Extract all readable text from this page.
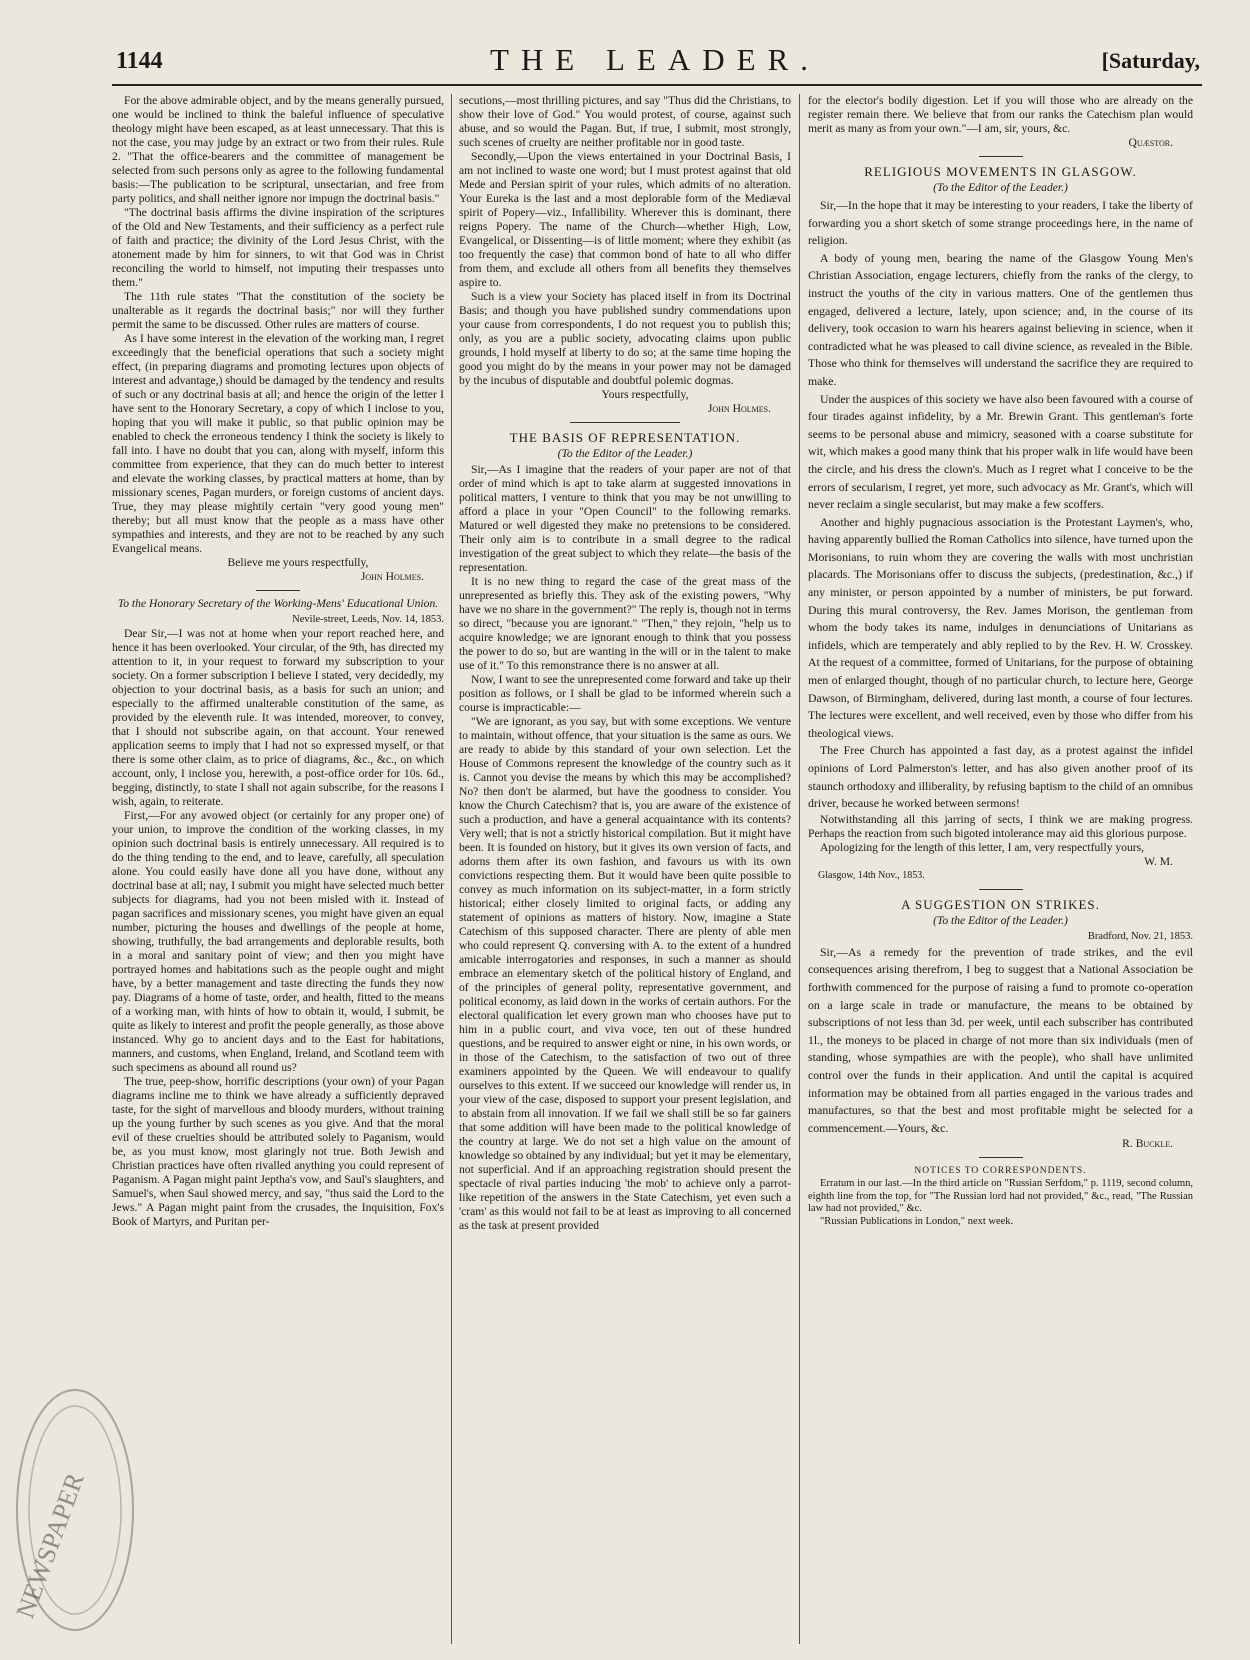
1144	THE LEADER.	[Saturday,

For the above admirable object, and by the means generally pursued, one would be inclined to think the baleful influence of speculative theology might have been escaped, as at least unnecessary. That this is not the case, you may judge by an extract or two from their rules. Rule 2. "That the office-bearers and the committee of management be selected from such persons only as agree to the following fundamental basis:—The publication to be scriptural, unsectarian, and free from party politics, and shall neither ignore nor impugn the doctrinal basis."

"The doctrinal basis affirms the divine inspiration of the scriptures of the Old and New Testaments, and their sufficiency as a perfect rule of faith and practice; the divinity of the Lord Jesus Christ, with the atonement made by him for sinners, to wit that God was in Christ reconciling the world to himself, not imputing their trespasses unto them."

The 11th rule states "That the constitution of the society be unalterable as it regards the doctrinal basis;" nor will they further permit the same to be discussed. Other rules are matters of course.

As I have some interest in the elevation of the working man, I regret exceedingly that the beneficial operations that such a society might effect, (in preparing diagrams and promoting lectures upon objects of interest and advantage,) should be damaged by the tendency and results of such or any doctrinal basis at all; and hence the origin of the letter I have sent to the Honorary Secretary, a copy of which I inclose to you, hoping that you will make it public, so that public opinion may be enabled to check the erroneous tendency I think the society is likely to fall into. I have no doubt that you can, along with myself, inform this committee from experience, that they can do much better to interest and elevate the working classes, by practical matters at home, than by missionary scenes, Pagan murders, or foreign customs of ancient days. True, they may please mightily certain "very good young men" thereby; but all must know that the people as a mass have other sympathies and interests, and they are not to be reached by any such Evangelical means.

Believe me yours respectfully,

John Holmes.

To the Honorary Secretary of the Working-Mens' Educational Union.

Nevile-street, Leeds, Nov. 14, 1853.

Dear Sir,—I was not at home when your report reached here, and hence it has been overlooked. Your circular, of the 9th, has directed my attention to it, in your request to forward my subscription to your society. On a former subscription I believe I stated, very decidedly, my objection to your doctrinal basis, as a basis for such an union; and especially to the affirmed unalterable constitution of the same, as provided by the eleventh rule. It was intended, moreover, to convey, that I should not subscribe again, on that account. Your renewed application seems to imply that I had not so expressed myself, or that there is some other claim, as to price of diagrams, &c., &c., on which account, only, I inclose you, herewith, a post-office order for 10s. 6d., begging, distinctly, to state I shall not again subscribe, for the reasons I wish, again, to reiterate.

First,—For any avowed object (or certainly for any proper one) of your union, to improve the condition of the working classes, in my opinion such doctrinal basis is entirely unnecessary. All required is to do the thing tending to the end, and to leave, carefully, all speculation alone. You could easily have done all you have done, without any doctrinal base at all; nay, I submit you might have selected much better subjects for diagrams, had you not been misled with it. Instead of pagan sacrifices and missionary scenes, you might have given an equal number, picturing the houses and dwellings of the people at home, showing, truthfully, the bad arrangements and deplorable results, both in a moral and sanitary point of view; and then you might have portrayed homes and habitations such as the people ought and might have, by a better management and taste directing the funds they now pay. Diagrams of a home of taste, order, and health, fitted to the means of a working man, with hints of how to obtain it, would, I submit, be quite as likely to interest and profit the people generally, as those above instanced. Why go to ancient days and to the East for habitations, manners, and customs, when England, Ireland, and Scotland teem with such specimens as abound all round us?

The true, peep-show, horrific descriptions (your own) of your Pagan diagrams incline me to think we have already a sufficiently depraved taste, for the sight of marvellous and bloody murders, without training up the young further by such scenes as you give. And that the moral evil of these cruelties should be attributed solely to Paganism, would be, as you must know, most glaringly not true. Both Jewish and Christian practices have often rivalled anything you could represent of Paganism. A Pagan might paint Jeptha's vow, and Saul's slaughters, and Samuel's, when Saul showed mercy, and say, "thus said the Lord to the Jews." A Pagan might paint from the crusades, the Inquisition, Fox's Book of Martyrs, and Puritan per-

secutions,—most thrilling pictures, and say "Thus did the Christians, to show their love of God." You would protest, of course, against such abuse, and so would the Pagan. But, if true, I submit, most strongly, such scenes of cruelty are neither profitable nor in good taste.

Secondly,—Upon the views entertained in your Doctrinal Basis, I am not inclined to waste one word; but I must protest against that old Mede and Persian spirit of your rules, which admits of no alteration. Your Eureka is the last and a most deplorable form of the Mediæval spirit of Popery—viz., Infallibility. Wherever this is dominant, there reigns Popery. The name of the Church—whether High, Low, Evangelical, or Dissenting—is of little moment; where they exhibit (as too frequently the case) that common bond of hate to all who differ from them, and exclude all others from all benefits they themselves aspire to.

Such is a view your Society has placed itself in from its Doctrinal Basis; and though you have published sundry commendations upon your cause from correspondents, I do not request you to publish this; only, as you are a public society, advocating claims upon public grounds, I hold myself at liberty to do so; at the same time hoping the good you might do by the means in your power may not be damaged by the incubus of disputable and doubtful polemic dogmas.

Yours respectfully,

John Holmes.

THE BASIS OF REPRESENTATION.

(To the Editor of the Leader.)

Sir,—As I imagine that the readers of your paper are not of that order of mind which is apt to take alarm at suggested innovations in political matters, I venture to think that you may be not unwilling to afford a place in your "Open Council" to the following remarks. Matured or well digested they make no pretensions to be considered. Their only aim is to contribute in a small degree to the radical investigation of the great subject to which they relate—the basis of the representation.

It is no new thing to regard the case of the great mass of the unrepresented as briefly this. They ask of the existing powers, "Why have we no share in the government?" The reply is, though not in terms so direct, "because you are ignorant." "Then," they rejoin, "help us to acquire knowledge; we are ignorant enough to think that you possess the power to do so, but are wanting in the will or in the talent to make use of it." To this remonstrance there is no answer at all.

Now, I want to see the unrepresented come forward and take up their position as follows, or I shall be glad to be informed wherein such a course is impracticable:—

"We are ignorant, as you say, but with some exceptions. We venture to maintain, without offence, that your situation is the same as ours. We are ready to abide by this standard of your own selection. Let the House of Commons represent the knowledge of the country such as it is. Cannot you devise the means by which this may be accomplished? No? then don't be alarmed, but have the goodness to consider. You know the Church Catechism? that is, you are aware of the existence of such a production, and have a general acquaintance with its contents? Very well; that is not a strictly historical compilation. But it might have been. It is founded on history, but it gives its own version of facts, and adorns them after its own fashion, and favours us with its own convictions respecting them. But it would have been quite possible to convey as much information on its subject-matter, in a form strictly historical; either closely limited to original facts, or adding any statement of opinions as matters of history. Now, imagine a State Catechism of this supposed character. There are plenty of able men who could represent Q. conversing with A. to the extent of a hundred amicable interrogatories and responses, in such a manner as should embrace an elementary sketch of the political history of England, and of the principles of general polity, representative government, and political economy, as laid down in the works of certain authors. For the electoral qualification let every grown man who chooses have put to him in a public court, and viva voce, ten out of these hundred questions, and be required to answer eight or nine, in his own words, or in those of the Catechism, to the satisfaction of two out of three examiners appointed by the Queen. We will endeavour to qualify ourselves to this extent. If we succeed our knowledge will render us, in your view of the case, disposed to support your present legislation, and to abstain from all innovation. If we fail we shall still be so far gainers that some addition will have been made to the political knowledge of the country at large. We do not set a high value on the amount of knowledge so obtained by any individual; but yet it may be elementary, not superficial. And if an approaching registration should present the spectacle of rival parties inducing 'the mob' to achieve only a parrot-like repetition of the answers in the State Catechism, yet even such a 'cram' as this would not fail to be at least as improving to all concerned as the task at present provided

for the elector's bodily digestion. Let if you will those who are already on the register remain there. We believe that from our ranks the Catechism plan would merit as many as from your own."—I am, sir, yours, &c.

Quæstor.

RELIGIOUS MOVEMENTS IN GLASGOW.

(To the Editor of the Leader.)

Sir,—In the hope that it may be interesting to your readers, I take the liberty of forwarding you a short sketch of some strange proceedings here, in the name of religion.

A body of young men, bearing the name of the Glasgow Young Men's Christian Association, engage lecturers, chiefly from the ranks of the clergy, to instruct the youths of the city in various matters. One of the gentlemen thus engaged, delivered a lecture, lately, upon science; and, in the course of its delivery, took occasion to warn his hearers against believing in science, when it contradicted what he was pleased to call divine science, as revealed in the Bible. Those who think for themselves will understand the sacrifice they are required to make.

Under the auspices of this society we have also been favoured with a course of four tirades against infidelity, by a Mr. Brewin Grant. This gentleman's forte seems to be personal abuse and mimicry, seasoned with a coarse substitute for wit, which makes a good many think that his proper walk in life would have been the circle, and his dress the clown's. Much as I regret what I conceive to be the errors of secularism, I regret, yet more, such advocacy as Mr. Grant's, which will never reclaim a single secularist, but may make a few scoffers.

Another and highly pugnacious association is the Protestant Laymen's, who, having apparently bullied the Roman Catholics into silence, have turned upon the Morisonians, to ruin whom they are covering the walls with most unchristian placards. The Morisonians offer to discuss the subjects, (predestination, &c.,) if any minister, or person appointed by a number of ministers, be put forward. During this mural controversy, the Rev. James Morison, the gentleman from whom the body takes its name, indulges in denunciations of Unitarians as infidels, which are temperately and ably replied to by the Rev. H. W. Crosskey. At the request of a committee, formed of Unitarians, for the purpose of obtaining men of enlarged thought, though of no particular church, to lecture here, George Dawson, of Birmingham, delivered, during last month, a course of four lectures. The lectures were excellent, and well received, even by those who differ from his theological views.

The Free Church has appointed a fast day, as a protest against the infidel opinions of Lord Palmerston's letter, and has also given another proof of its staunch orthodoxy and illiberality, by refusing baptism to the child of an omnibus driver, because he worked between sermons!

Notwithstanding all this jarring of sects, I think we are making progress. Perhaps the reaction from such bigoted intolerance may aid this glorious purpose.

Apologizing for the length of this letter, I am, very respectfully yours,

W. M.

Glasgow, 14th Nov., 1853.

A SUGGESTION ON STRIKES.

(To the Editor of the Leader.)

Bradford, Nov. 21, 1853.

Sir,—As a remedy for the prevention of trade strikes, and the evil consequences arising therefrom, I beg to suggest that a National Association be forthwith commenced for the purpose of raising a fund to promote co-operation on a large scale in trade or manufacture, the means to be obtained by subscriptions of not less than 3d. per week, until each subscriber has contributed 1l., the moneys to be placed in charge of not more than six individuals (men of standing, whose sympathies are with the people), who shall have unlimited control over the funds in their application. And until the capital is acquired information may be obtained from all parties engaged in the various trades and manufactures, so that the best and most profitable might be selected for a commencement.—Yours, &c.

R. Buckle.

NOTICES TO CORRESPONDENTS.

Erratum in our last.—In the third article on "Russian Serfdom," p. 1119, second column, eighth line from the top, for "The Russian lord had not provided," &c., read, "The Russian law had not provided," &c.

"Russian Publications in London," next week.

NEWSPAPER
